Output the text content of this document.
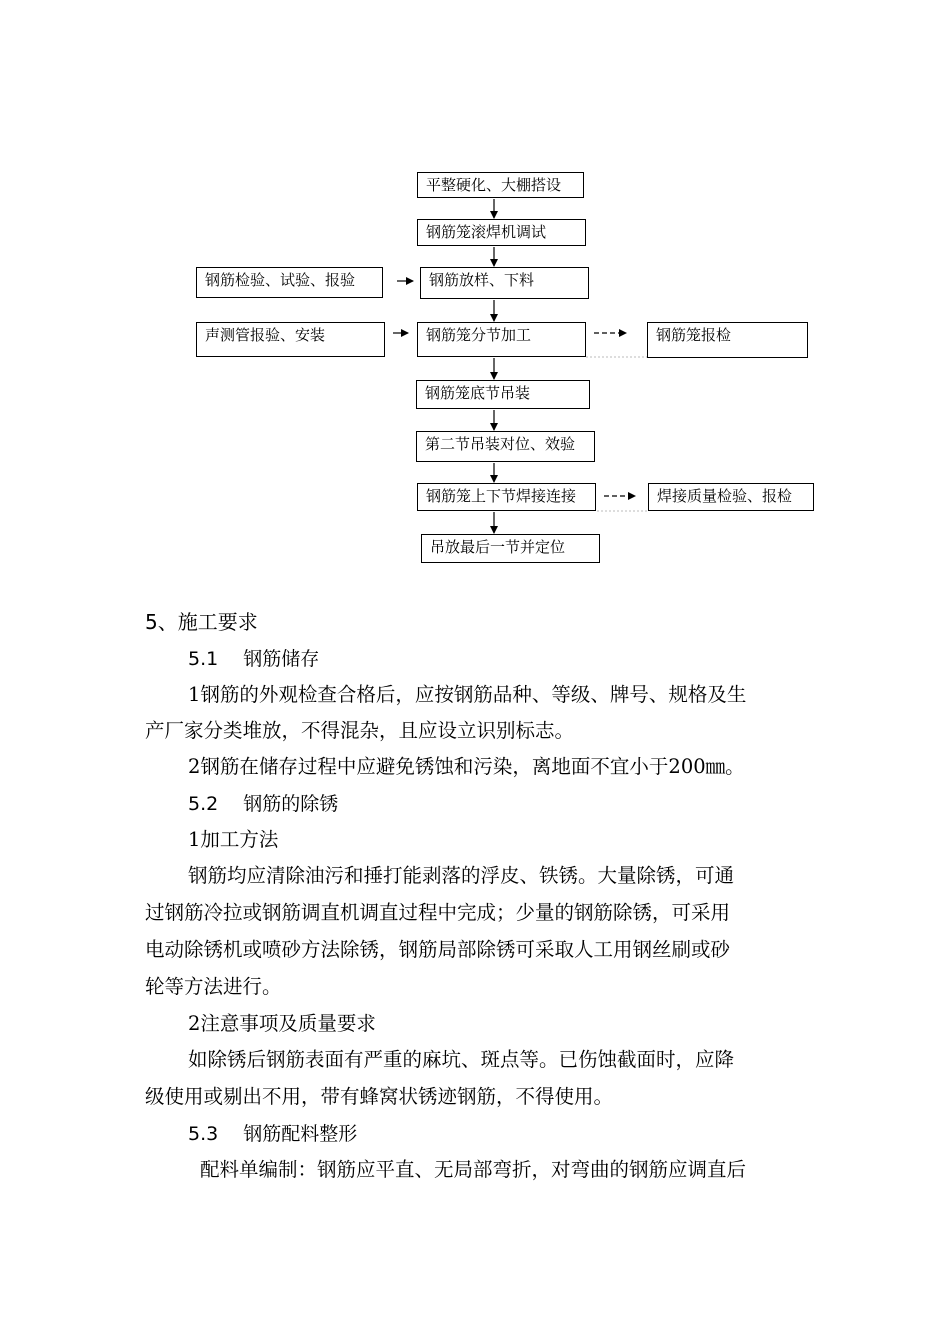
平整硬化、大棚搭设
钢筋笼滚焊机调试
钢筋放样、下料
钢筋笼分节加工
钢筋笼底节吊装
第二节吊装对位、效验
钢筋笼上下节焊接连接
吊放最后一节并定位
钢筋检验、试验、报验
声测管报验、安装	钢筋笼报检
焊接质量检验、报检
5、施工要求
5.1　 钢筋储存
1钢筋的外观检查合格后，应按钢筋品种、等级、牌号、规格及生
产厂家分类堆放，不得混杂，且应设立识别标志。
2钢筋在储存过程中应避免锈蚀和污染，离地面不宜小于200㎜。
5.2　 钢筋的除锈
1加工方法
钢筋均应清除油污和捶打能剥落的浮皮、铁锈。大量除锈，可通
过钢筋冷拉或钢筋调直机调直过程中完成；少量的钢筋除锈，可采用
电动除锈机或喷砂方法除锈，钢筋局部除锈可采取人工用钢丝刷或砂
轮等方法进行。
2注意事项及质量要求
如除锈后钢筋表面有严重的麻坑、斑点等。已伤蚀截面时，应降
级使用或剔出不用，带有蜂窝状锈迹钢筋，不得使用。
5.3　 钢筋配料整形
配料单编制：钢筋应平直、无局部弯折，对弯曲的钢筋应调直后
